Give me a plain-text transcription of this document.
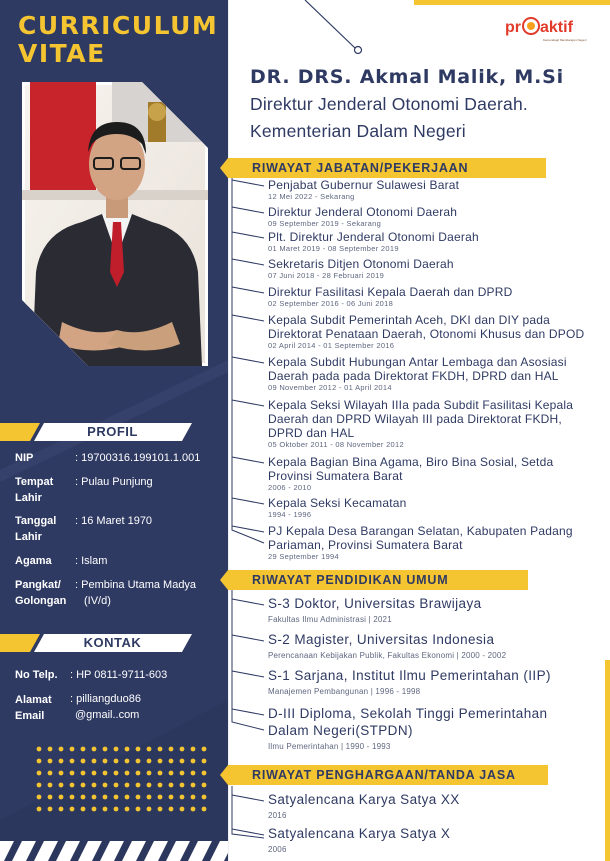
CURRICULUM
VITAE
PROFIL
NIP	: 19700316.199101.1.001
Tempat Lahir
: Pulau Punjung
Tanggal Lahir
: 16 Maret 1970
Agama : Islam
Pangkat/
Golongan
: Pembina Utama Madya
(IV/d)
KONTAK
No Telp. : HP 0811-9711-603
Alamat Email
: pilliangduo86
@gmail..com
pr aktif
Kemendagri Membangun Negeri
DR. DRS. Akmal Malik, M.Si
Direktur Jenderal Otonomi Daerah.
Kementerian Dalam Negeri
RIWAYAT JABATAN/PEKERJAAN
Penjabat Gubernur Sulawesi Barat
12 Mei 2022 - Sekarang
Direktur Jenderal Otonomi Daerah
09 September 2019 - Sekarang
Plt. Direktur Jenderal Otonomi Daerah
01 Maret 2019 - 08 September 2019
Sekretaris Ditjen Otonomi Daerah
07 Juni 2018 - 28 Februari 2019
Direktur Fasilitasi Kepala Daerah dan DPRD
02 September 2016 - 06 Juni 2018
Kepala Subdit Pemerintah Aceh, DKI dan DIY pada
Direktorat Penataan Daerah, Otonomi Khusus dan DPOD
02 April 2014 - 01 September 2016
Kepala Subdit Hubungan Antar Lembaga dan Asosiasi
Daerah pada pada Direktorat FKDH, DPRD dan HAL
09 November 2012 - 01 April 2014
Kepala Seksi Wilayah IIIa pada Subdit Fasilitasi Kepala
Daerah dan DPRD Wilayah III pada Direktorat FKDH,
DPRD dan HAL
05 Oktober 2011 - 08 November 2012
Kepala Bagian Bina Agama, Biro Bina Sosial, Setda
Provinsi Sumatera Barat
2006 - 2010
Kepala Seksi Kecamatan
1994 - 1996
PJ Kepala Desa Barangan Selatan, Kabupaten Padang
Pariaman, Provinsi Sumatera Barat
29 September 1994
RIWAYAT PENDIDIKAN UMUM
S-3 Doktor, Universitas Brawijaya
Fakultas Ilmu Administrasi | 2021
S-2 Magister, Universitas Indonesia
Perencanaan Kebijakan Publik, Fakultas Ekonomi | 2000 - 2002
S-1 Sarjana, Institut Ilmu Pemerintahan (IIP)
Manajemen Pembangunan | 1996 - 1998
D-III Diploma, Sekolah Tinggi Pemerintahan
Dalam Negeri(STPDN)
Ilmu Pemerintahan | 1990 - 1993
RIWAYAT PENGHARGAAN/TANDA JASA
Satyalencana Karya Satya XX
2016
Satyalencana Karya Satya X
2006
